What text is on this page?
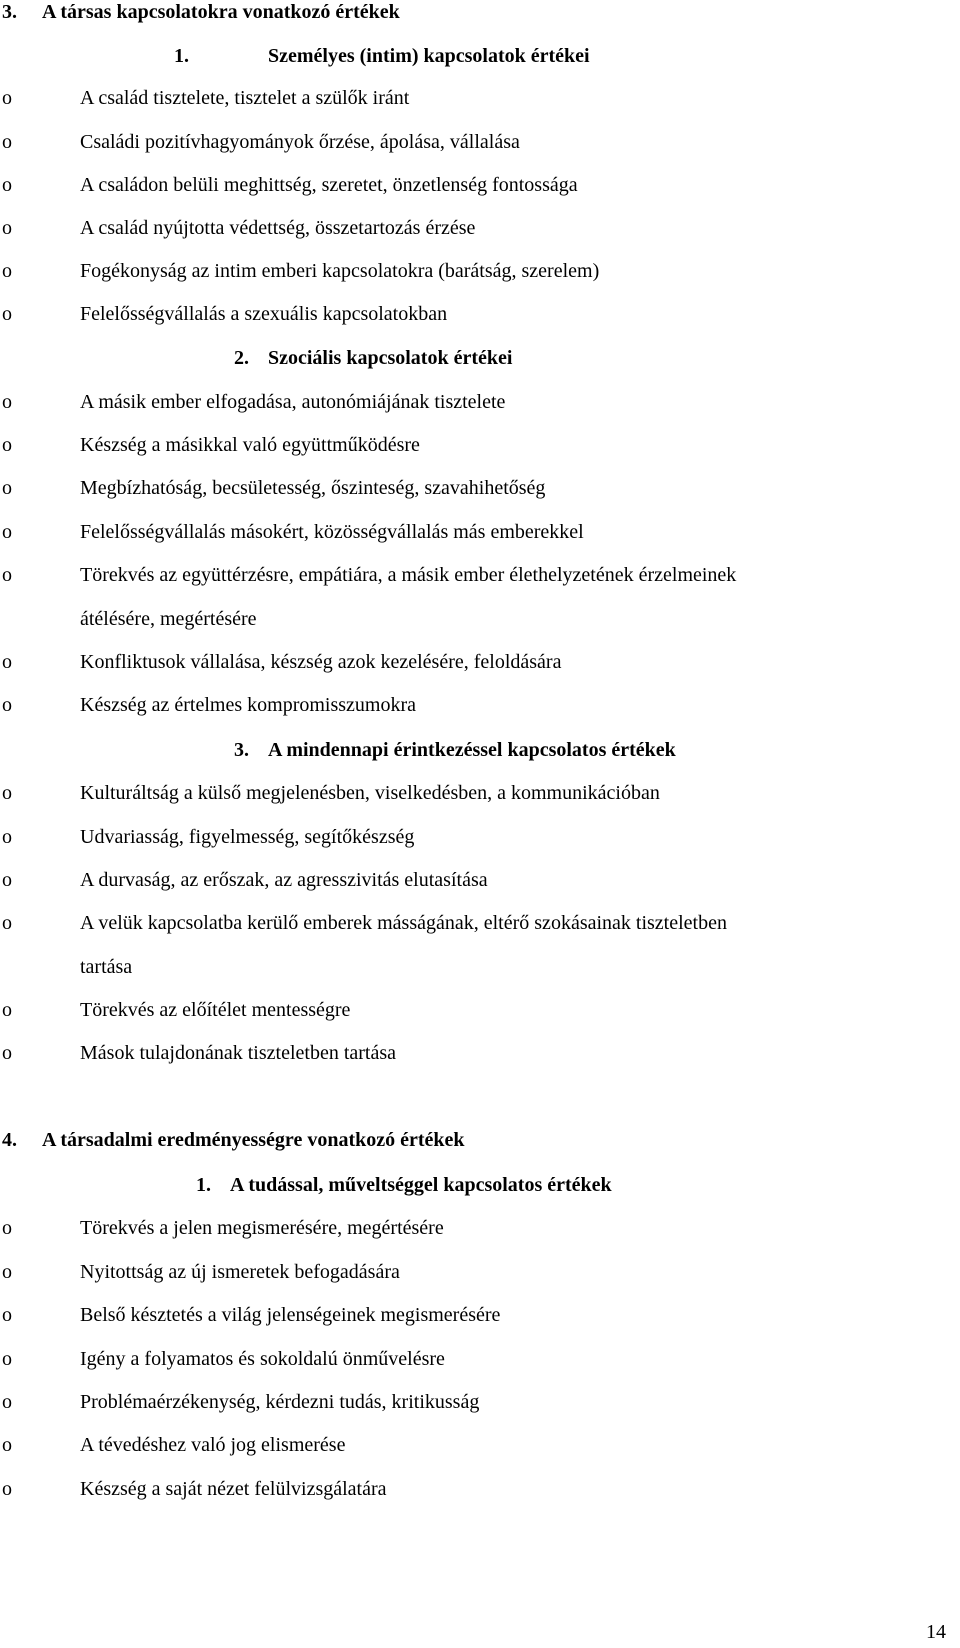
3. A társas kapcsolatokra vonatkozó értékek
1.	Személyes (intim) kapcsolatok értékei
o	A család tisztelete, tisztelet a szülők iránt
o	Családi pozitívhagyományok őrzése, ápolása, vállalása
o	A családon belüli meghittség, szeretet, önzetlenség fontossága
o	A család nyújtotta védettség, összetartozás érzése
o	Fogékonyság az intim emberi kapcsolatokra (barátság, szerelem)
o	Felelősségvállalás a szexuális kapcsolatokban
2. Szociális kapcsolatok értékei
o	A másik ember elfogadása, autonómiájának tisztelete
o	Készség a másikkal való együttműködésre
o	Megbízhatóság, becsületesség, őszinteség, szavahihetőség
o	Felelősségvállalás másokért, közösségvállalás más emberekkel
o	Törekvés az együttérzésre, empátiára, a másik ember élethelyzetének érzelmeinek
átélésére, megértésére
o	Konfliktusok vállalása, készség azok kezelésére, feloldására
o	Készség az értelmes kompromisszumokra
3. A mindennapi érintkezéssel kapcsolatos értékek
o	Kulturáltság a külső megjelenésben, viselkedésben, a kommunikációban
o	Udvariasság, figyelmesség, segítőkészség
o	A durvaság, az erőszak, az agresszivitás elutasítása
o	A velük kapcsolatba kerülő emberek másságának, eltérő szokásainak tiszteletben
tartása
o	Törekvés az előítélet mentességre
o	Mások tulajdonának tiszteletben tartása
4. A társadalmi eredményességre vonatkozó értékek
1. A tudással, műveltséggel kapcsolatos értékek
o	Törekvés a jelen megismerésére, megértésére
o	Nyitottság az új ismeretek befogadására
o	Belső késztetés a világ jelenségeinek megismerésére
o	Igény a folyamatos és sokoldalú önművelésre
o	Problémaérzékenység, kérdezni tudás, kritikusság
o	A tévedéshez való jog elismerése
o	Készség a saját nézet felülvizsgálatára
14
